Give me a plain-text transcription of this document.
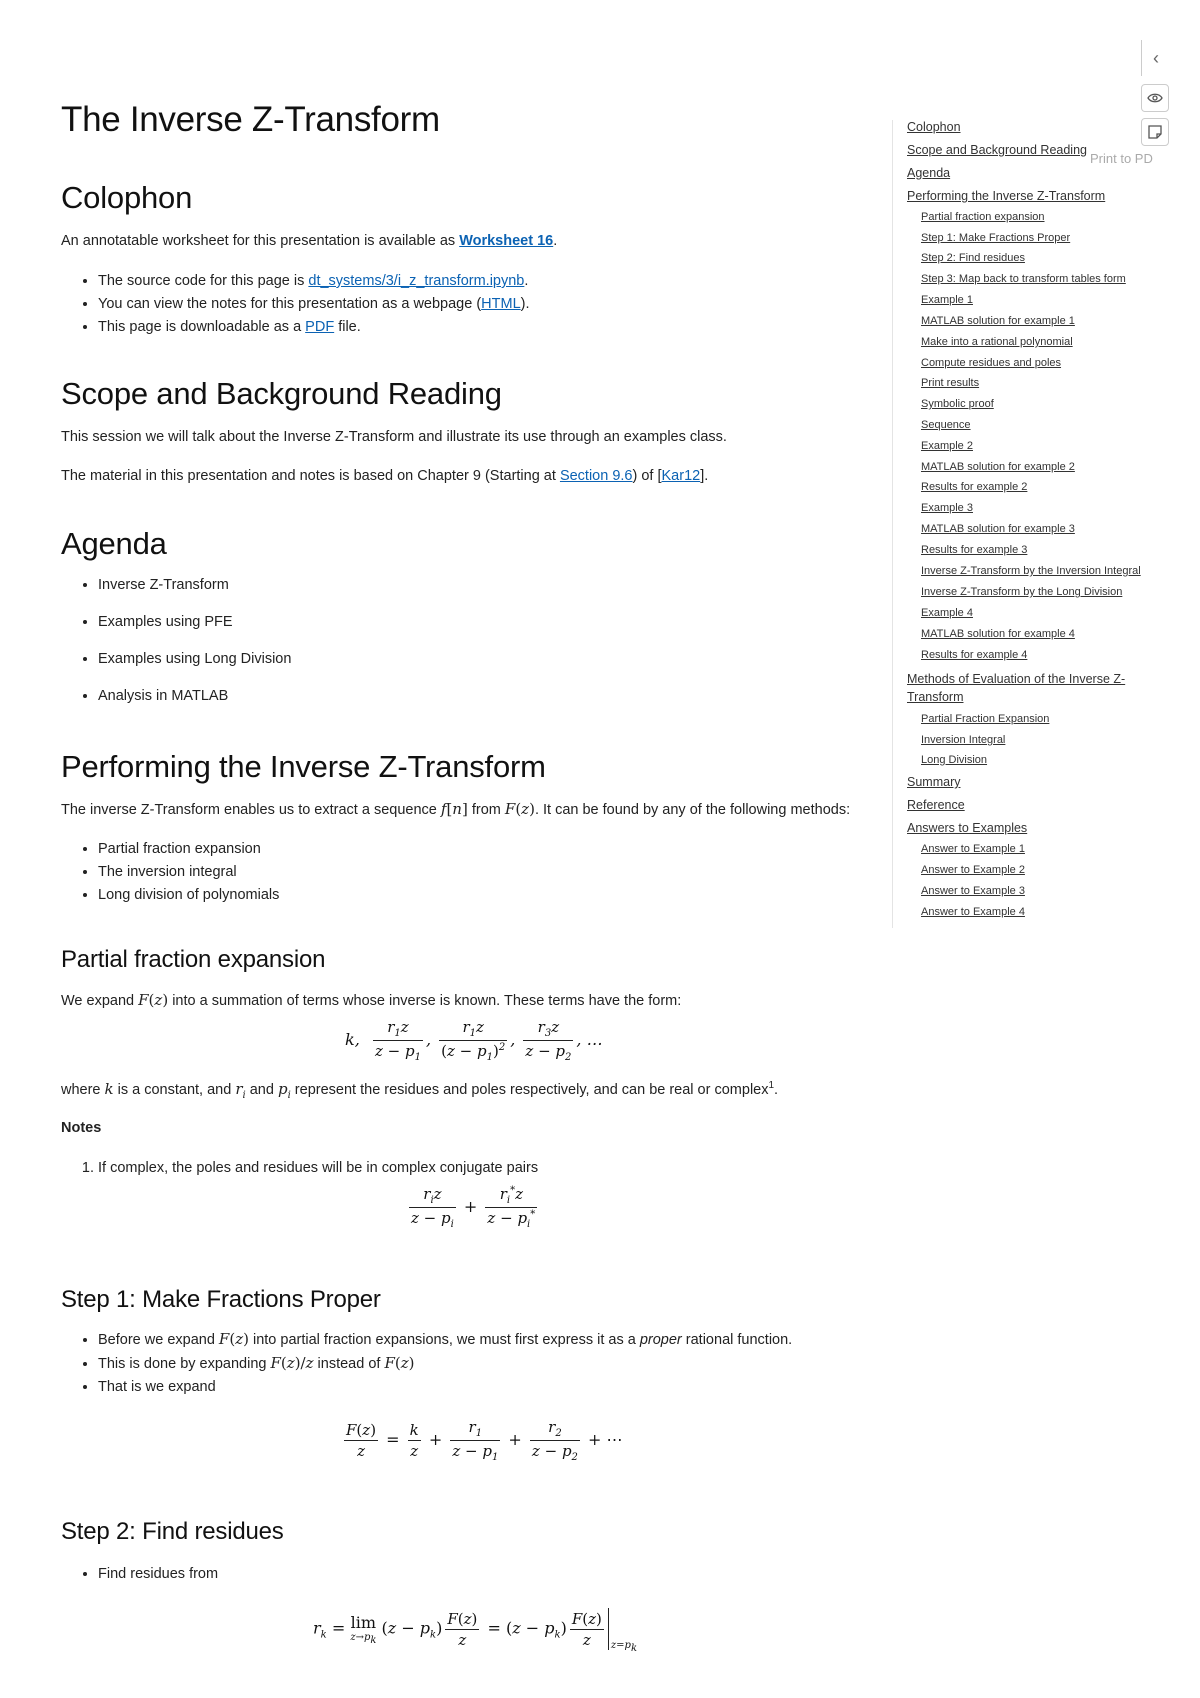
The Inverse Z-Transform
Colophon

An annotatable worksheet for this presentation is available as Worksheet 16.

• The source code for this page is dt_systems/3/i_z_transform.ipynb.
• You can view the notes for this presentation as a webpage (HTML).
• This page is downloadable as a PDF file.
Scope and Background Reading

This session we will talk about the Inverse Z-Transform and illustrate its use through an examples class.

The material in this presentation and notes is based on Chapter 9 (Starting at Section 9.6) of [Kar12].

Agenda
• Inverse Z-Transform
• Examples using PFE
• Examples using Long Division
• Analysis in MATLAB
Performing the Inverse Z-Transform

The inverse Z-Transform enables us to extract a sequence f[n] from F(z). It can be found by any of the following methods:

• Partial fraction expansion
• The inversion integral
• Long division of polynomials
Partial fraction expansion

We expand F(z) into a summation of terms whose inverse is known. These terms have the form:

k, $\frac{r_1z}{z - p_1}$ , $\frac{r_1z}{(z - p_1)^2}$ , $\frac{r_3z}{z - p_2}$ , …

where k is a constant, and $r_i$ and $p_i$ represent the residues and poles respectively, and can be real or complex$^1$.

Notes

1. If complex, the poles and residues will be in complex conjugate pairs
$\frac{r_iz}{z - p_i} + \frac{r_i^*z}{z - p_i^*}$
Step 1: Make Fractions Proper
• Before we expand F(z) into partial fraction expansions, we must first express it as a proper rational function.
• This is done by expanding F(z)/z instead of F(z)
• That is we expand
$\frac{F(z)}{z} = \frac{k}{z} + \frac{r_1}{z - p_1} + \frac{r_2}{z - p_2}$ + ⋯
Step 2: Find residues
• Find residues from
$r_k = \lim$
$z\to p_k$
$(z - p_k) \frac{F(z)}{z} = (z - p_k) \frac{F(z)}{z} z=p_k$
‹
Print to PD
Colophon
Scope and Background Reading
Agenda
Performing the Inverse Z-Transform
Partial fraction expansion
Step 1: Make Fractions Proper
Step 2: Find residues
Step 3: Map back to transform tables form
Example 1
MATLAB solution for example 1
Make into a rational polynomial
Compute residues and poles
Print results
Symbolic proof
Sequence
Example 2
MATLAB solution for example 2
Results for example 2
Example 3
MATLAB solution for example 3
Results for example 3
Inverse Z-Transform by the Inversion Integral
Inverse Z-Transform by the Long Division
Example 4
MATLAB solution for example 4
Results for example 4
Methods of Evaluation of the Inverse Z-
Transform
Partial Fraction Expansion
Inversion Integral
Long Division
Summary
Reference
Answers to Examples
Answer to Example 1
Answer to Example 2
Answer to Example 3
Answer to Example 4
